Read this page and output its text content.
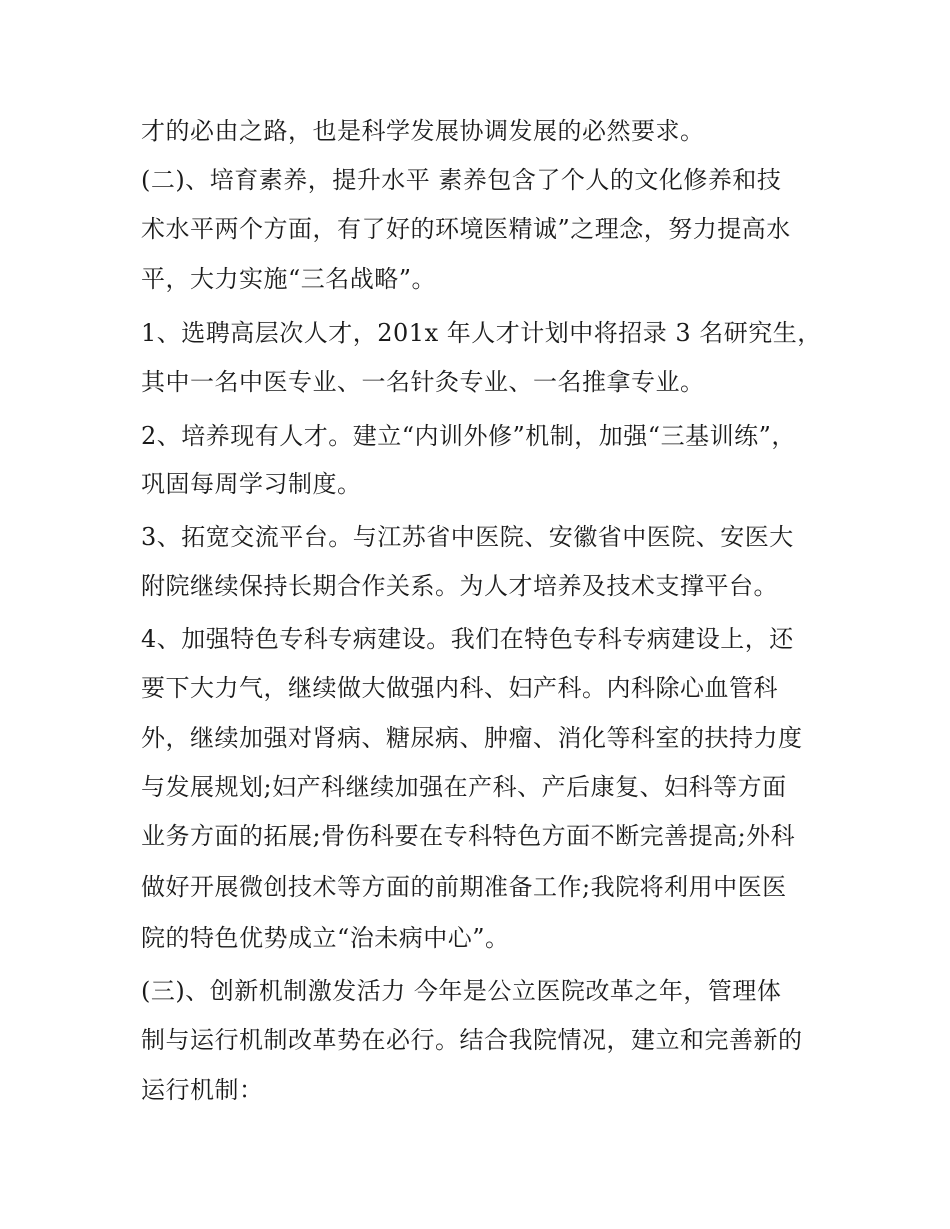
才的必由之路，也是科学发展协调发展的必然要求。
(二)、培育素养，提升水平 素养包含了个人的文化修养和技
术水平两个方面，有了好的环境医精诚”之理念，努力提高水
平，大力实施“三名战略”。
1、选聘高层次人才，201x 年人才计划中将招录 3 名研究生，
其中一名中医专业、一名针灸专业、一名推拿专业。
2、培养现有人才。建立“内训外修”机制，加强“三基训练”，
巩固每周学习制度。
3、拓宽交流平台。与江苏省中医院、安徽省中医院、安医大
附院继续保持长期合作关系。为人才培养及技术支撑平台。
4、加强特色专科专病建设。我们在特色专科专病建设上，还
要下大力气，继续做大做强内科、妇产科。内科除心血管科
外，继续加强对肾病、糖尿病、肿瘤、消化等科室的扶持力度
与发展规划;妇产科继续加强在产科、产后康复、妇科等方面
业务方面的拓展;骨伤科要在专科特色方面不断完善提高;外科
做好开展微创技术等方面的前期准备工作;我院将利用中医医
院的特色优势成立“治未病中心”。
(三)、创新机制激发活力 今年是公立医院改革之年，管理体
制与运行机制改革势在必行。结合我院情况，建立和完善新的
运行机制：
